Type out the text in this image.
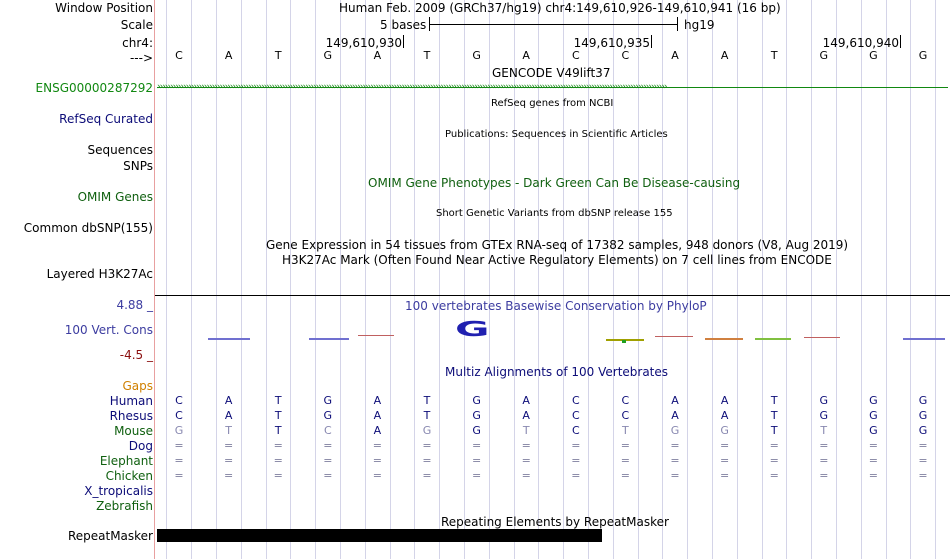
Window Position
Scale
chr4:
--->
Human Feb. 2009 (GRCh37/hg19) chr4:149,610,926-149,610,941 (16 bp)
5 bases	hg19
149,610,930	149,610,935	149,610,940
C	A	T	G	A	T	G	A	C	C	A	A	T	G	G	G
GENCODE V49lift37
ENSG00000287292 ››››››››››››››››››››››››››››››››››››››››››››››››››››››››››››››››››››››››››››››››››››››››››››››››››››››››››››››››››››››››››››››››››››››››››››››››››››››››››››››››››››››››››››››››››››››››››››››››››››
RefSeq genes from NCBI
RefSeq Curated
Publications: Sequences in Scientific Articles
Sequences
SNPs
OMIM Gene Phenotypes - Dark Green Can Be Disease-causing
OMIM Genes
Short Genetic Variants from dbSNP release 155
Common dbSNP(155)
Gene Expression in 54 tissues from GTEx RNA-seq of 17382 samples, 948 donors (V8, Aug 2019)
H3K27Ac Mark (Often Found Near Active Regulatory Elements) on 7 cell lines from ENCODE
Layered H3K27Ac
100 vertebrates Basewise Conservation by PhyloP
4.88 _
100 Vert. Cons
-4.5 _
G
Multiz Alignments of 100 Vertebrates
Gaps
Human C	A	T	G	A	T	G	A	C	C	A	A	T	G	G	G
Rhesus C	A	T	G	A	T	G	A	C	C	A	A	T	G	G	G
Mouse G	T	T	C	A	G	G	T	C	T	G	G	T	T	G	G
Dog =	=	=	=	=	=	=	=	=	=	=	=	=	=	=	=
Elephant =	=	=	=	=	=	=	=	=	=	=	=	=	=	=	=
Chicken =	=	=	=	=	=	=	=	=	=	=	=	=	=	=	=
X_tropicalis
Zebrafish
Repeating Elements by RepeatMasker
RepeatMasker
